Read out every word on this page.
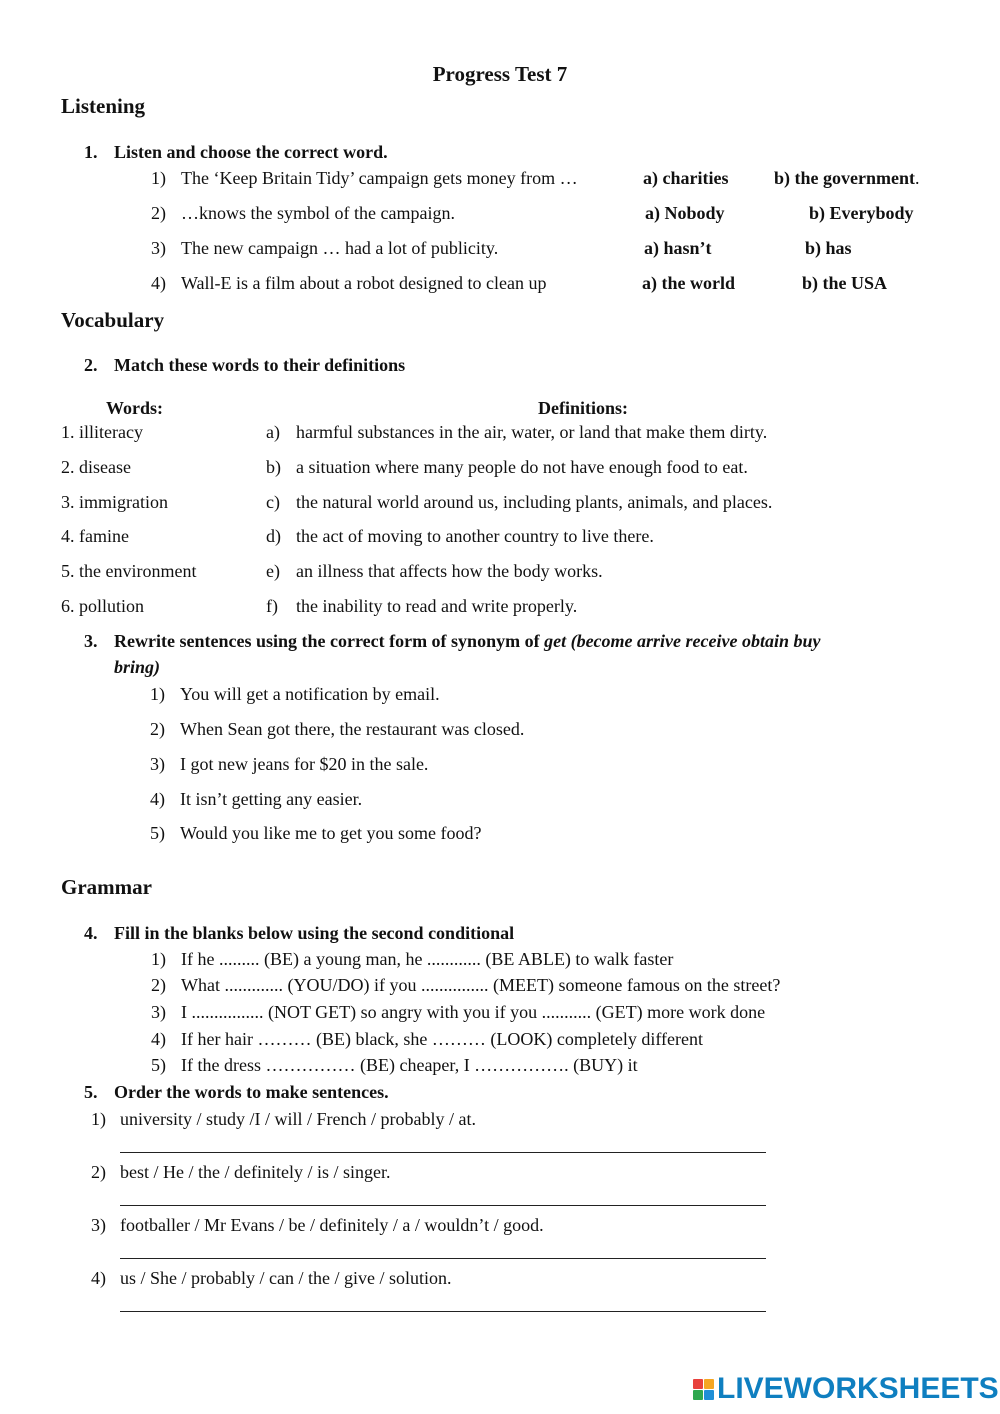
Progress Test 7
Listening
1. Listen and choose the correct word.
1) The ‘Keep Britain Tidy’ campaign gets money from …	a) charities	b) the government.
2) …knows the symbol of the campaign.	a) Nobody	b) Everybody
3) The new campaign … had a lot of publicity.	a) hasn’t	b) has
4) Wall-E is a film about a robot designed to clean up	a) the world	b) the USA
Vocabulary
2. Match these words to their definitions
Words:	Definitions:
1. illiteracy	a) harmful substances in the air, water, or land that make them dirty.
2. disease	b) a situation where many people do not have enough food to eat.
3. immigration	c) the natural world around us, including plants, animals, and places.
4. famine	d) the act of moving to another country to live there.
5. the environment	e) an illness that affects how the body works.
6. pollution	f) the inability to read and write properly.
3. Rewrite sentences using the correct form of synonym of get (become arrive receive obtain buy
bring)
1) You will get a notification by email.
2) When Sean got there, the restaurant was closed.
3) I got new jeans for $20 in the sale.
4) It isn’t getting any easier.
5) Would you like me to get you some food?
Grammar
4. Fill in the blanks below using the second conditional
1) If he ......... (BE) a young man, he ............ (BE ABLE) to walk faster
2) What ............. (YOU/DO) if you ............... (MEET) someone famous on the street?
3) I ................ (NOT GET) so angry with you if you ........... (GET) more work done
4) If her hair ……… (BE) black, she ……… (LOOK) completely different
5) If the dress …………… (BE) cheaper, I ……………. (BUY) it
5. Order the words to make sentences.
1) university / study /I / will / French / probably / at.
2) best / He / the / definitely / is / singer.
3) footballer / Mr Evans / be / definitely / a / wouldn’t / good.
4) us / She / probably / can / the / give / solution.
LIVEWORKSHEETS
